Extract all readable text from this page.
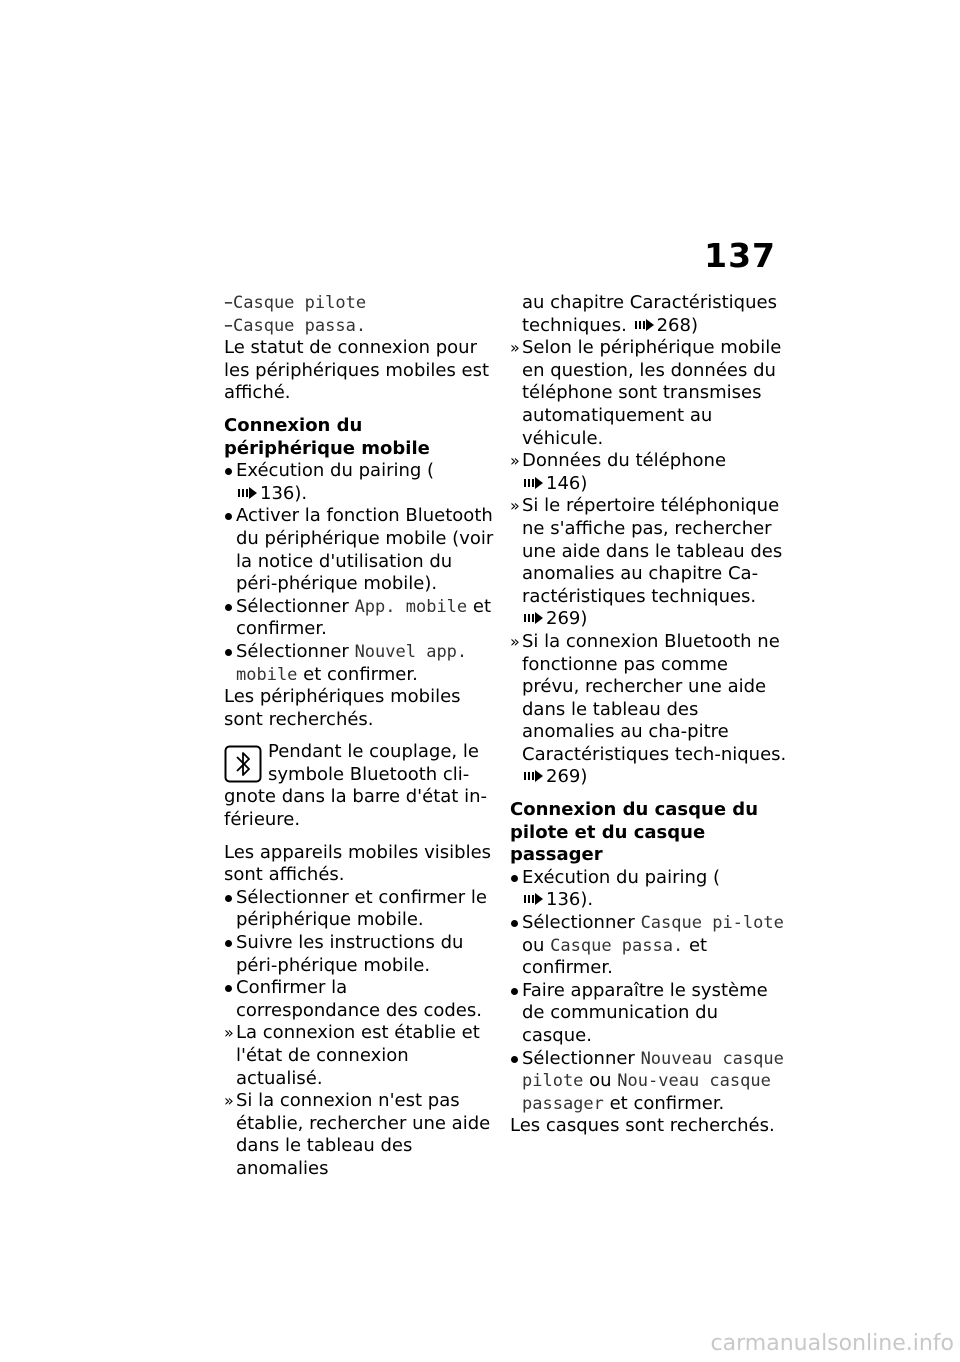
137

–Casque pilote

–Casque passa.

Le statut de connexion pour les périphériques mobiles est affiché.

Connexion du périphérique mobile

Exécution du pairing (136).
Activer la fonction Bluetooth du périphérique mobile (voir la notice d'utilisation du péri-phérique mobile).
Sélectionner App. mobile et confirmer.
Sélectionner Nouvel app. mobile et confirmer.

Les périphériques mobiles sont recherchés.

Pendant le couplage, le symbole Bluetooth cli-gnote dans la barre d'état in-férieure.

Les appareils mobiles visibles sont affichés.

Sélectionner et confirmer le périphérique mobile.
Suivre les instructions du péri-phérique mobile.
Confirmer la correspondance des codes.
» La connexion est établie et l'état de connexion actualisé.
» Si la connexion n'est pas établie, rechercher une aide dans le tableau des anomalies

au chapitre Caractéristiques techniques. 268)

» Selon le périphérique mobile en question, les données du téléphone sont transmises automatiquement au véhicule.
» Données du téléphone 146)
» Si le répertoire téléphonique ne s'affiche pas, rechercher une aide dans le tableau des anomalies au chapitre Ca-ractéristiques techniques. 269)
» Si la connexion Bluetooth ne fonctionne pas comme prévu, rechercher une aide dans le tableau des anomalies au cha-pitre Caractéristiques tech-niques. 269)

Connexion du casque du pilote et du casque passager

Exécution du pairing (136).
Sélectionner Casque pi-lote ou Casque passa. et confirmer.
Faire apparaître le système de communication du casque.
Sélectionner Nouveau casque pilote ou Nou-veau casque passager et confirmer.

Les casques sont recherchés.

carmanualsonline.info
